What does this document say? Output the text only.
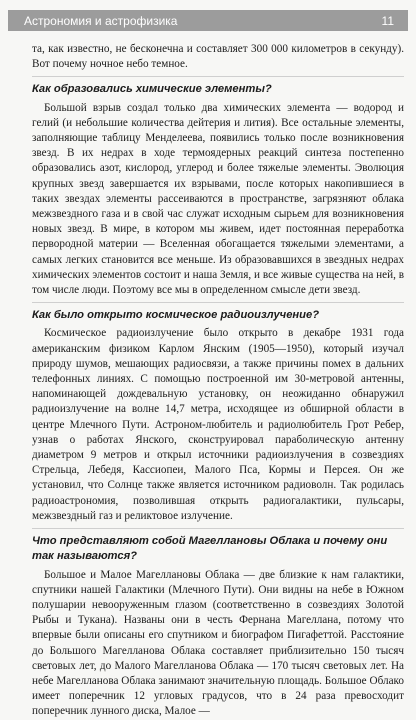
Астрономия и астрофизика	11

та, как известно, не бесконечна и составляет 300 000 километров в секунду). Вот почему ночное небо темное.

Как образовались химические элементы?

Большой взрыв создал только два химических элемента — водород и гелий (и небольшие количества дейтерия и лития). Все остальные элементы, заполняющие таблицу Менделеева, появились только после возникновения звезд. В их недрах в ходе термоядерных реакций синтеза постепенно образовались азот, кислород, углерод и более тяжелые элементы. Эволюция крупных звезд завершается их взрывами, после которых накопившиеся в таких звездах элементы рассеиваются в пространстве, загрязняют облака межзвездного газа и в свой час служат исходным сырьем для возникновения новых звезд. В мире, в котором мы живем, идет постоянная переработка первородной материи — Вселенная обогащается тяжелыми элементами, а самых легких становится все меньше. Из образовавшихся в звездных недрах химических элементов состоит и наша Земля, и все живые существа на ней, в том числе люди. Поэтому все мы в определенном смысле дети звезд.

Как было открыто космическое радиоизлучение?

Космическое радиоизлучение было открыто в декабре 1931 года американским физиком Карлом Янским (1905—1950), который изучал природу шумов, мешающих радиосвязи, а также причины помех в дальних телефонных линиях. С помощью построенной им 30-метровой антенны, напоминающей дождевальную установку, он неожиданно обнаружил радиоизлучение на волне 14,7 метра, исходящее из обширной области в центре Млечного Пути. Астроном-любитель и радиолюбитель Грот Ребер, узнав о работах Янского, сконструировал параболическую антенну диаметром 9 метров и открыл источники радиоизлучения в созвездиях Стрельца, Лебедя, Кассиопеи, Малого Пса, Кормы и Персея. Он же установил, что Солнце также является источником радиоволн. Так родилась радиоастрономия, позволившая открыть радиогалактики, пульсары, межзвездный газ и реликтовое излучение.

Что представляют собой Магеллановы Облака и почему они так называются?

Большое и Малое Магеллановы Облака — две близкие к нам галактики, спутники нашей Галактики (Млечного Пути). Они видны на небе в Южном полушарии невооруженным глазом (соответственно в созвездиях Золотой Рыбы и Тукана). Названы они в честь Фернана Магеллана, потому что впервые были описаны его спутником и биографом Пигафеттой. Расстояние до Большого Магелланова Облака составляет приблизительно 150 тысяч световых лет, до Малого Магелланова Облака — 170 тысяч световых лет. На небе Магелланова Облака занимают значительную площадь. Большое Облако имеет поперечник 12 угловых градусов, что в 24 раза превосходит поперечник лунного диска, Малое —
